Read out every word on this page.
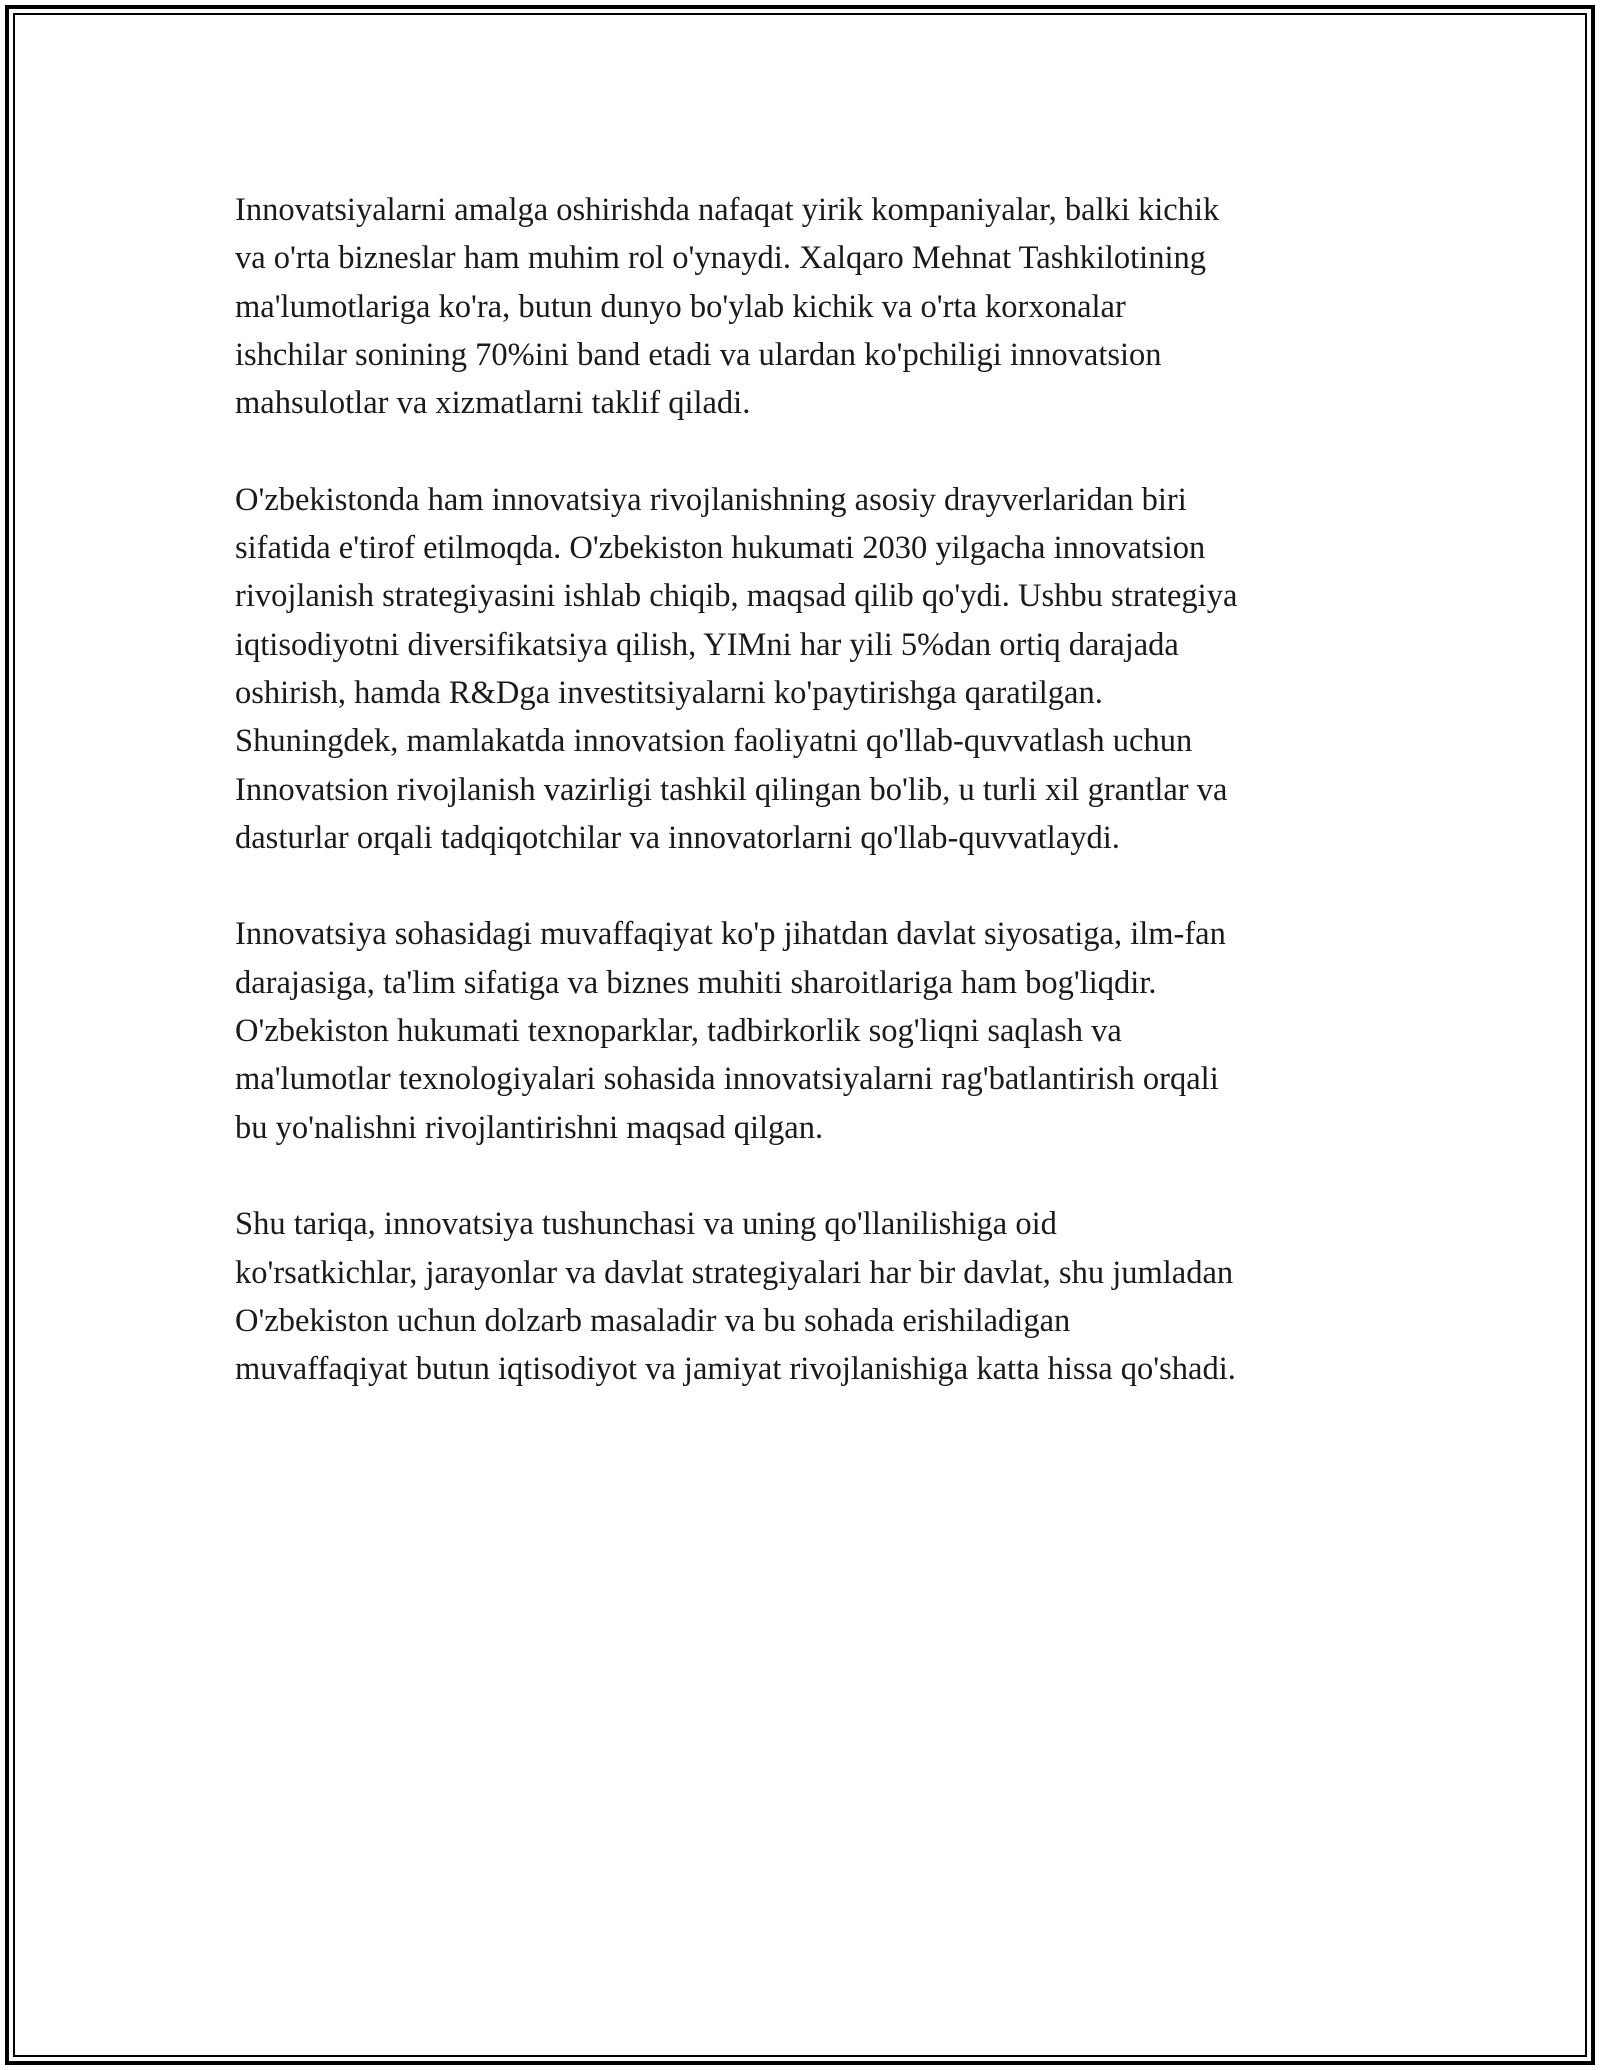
Innovatsiyalarni amalga oshirishda nafaqat yirik kompaniyalar, balki kichik
va o'rta bizneslar ham muhim rol o'ynaydi. Xalqaro Mehnat Tashkilotining
ma'lumotlariga ko'ra, butun dunyo bo'ylab kichik va o'rta korxonalar
ishchilar sonining 70%ini band etadi va ulardan ko'pchiligi innovatsion
mahsulotlar va xizmatlarni taklif qiladi.

O'zbekistonda ham innovatsiya rivojlanishning asosiy drayverlaridan biri
sifatida e'tirof etilmoqda. O'zbekiston hukumati 2030 yilgacha innovatsion
rivojlanish strategiyasini ishlab chiqib, maqsad qilib qo'ydi. Ushbu strategiya
iqtisodiyotni diversifikatsiya qilish, YIMni har yili 5%dan ortiq darajada
oshirish, hamda R&Dga investitsiyalarni ko'paytirishga qaratilgan.
Shuningdek, mamlakatda innovatsion faoliyatni qo'llab-quvvatlash uchun
Innovatsion rivojlanish vazirligi tashkil qilingan bo'lib, u turli xil grantlar va
dasturlar orqali tadqiqotchilar va innovatorlarni qo'llab-quvvatlaydi.

Innovatsiya sohasidagi muvaffaqiyat ko'p jihatdan davlat siyosatiga, ilm-fan
darajasiga, ta'lim sifatiga va biznes muhiti sharoitlariga ham bog'liqdir.
O'zbekiston hukumati texnoparklar, tadbirkorlik sog'liqni saqlash va
ma'lumotlar texnologiyalari sohasida innovatsiyalarni rag'batlantirish orqali
bu yo'nalishni rivojlantirishni maqsad qilgan.

Shu tariqa, innovatsiya tushunchasi va uning qo'llanilishiga oid
ko'rsatkichlar, jarayonlar va davlat strategiyalari har bir davlat, shu jumladan
O'zbekiston uchun dolzarb masaladir va bu sohada erishiladigan
muvaffaqiyat butun iqtisodiyot va jamiyat rivojlanishiga katta hissa qo'shadi.
